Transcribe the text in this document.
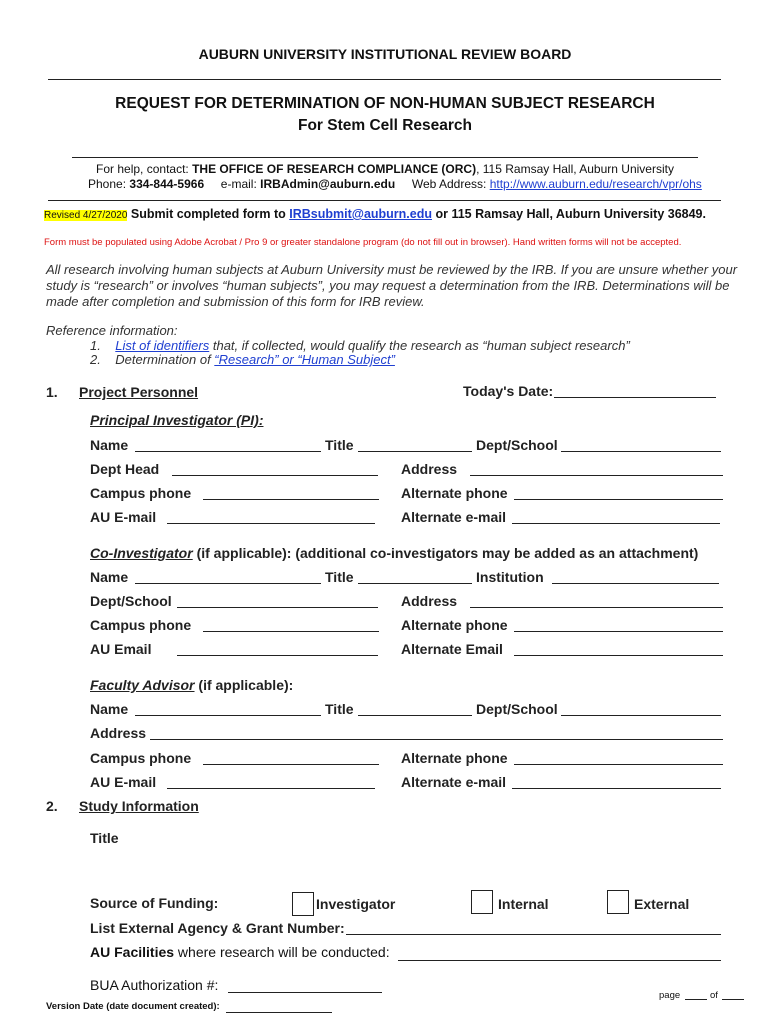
AUBURN UNIVERSITY INSTITUTIONAL REVIEW BOARD
REQUEST FOR DETERMINATION OF NON-HUMAN SUBJECT RESEARCH
For Stem Cell Research
For help, contact: THE OFFICE OF RESEARCH COMPLIANCE (ORC), 115 Ramsay Hall, Auburn University
Phone: 334-844-5966 e-mail: IRBAdmin@auburn.edu Web Address: http://www.auburn.edu/research/vpr/ohs
Revised 4/27/2020 Submit completed form to IRBsubmit@auburn.edu or 115 Ramsay Hall, Auburn University 36849.
Form must be populated using Adobe Acrobat / Pro 9 or greater standalone program (do not fill out in browser). Hand written forms will not be accepted.
All research involving human subjects at Auburn University must be reviewed by the IRB. If you are unsure whether your
study is “research” or involves “human subjects”, you may request a determination from the IRB. Determinations will be
made after completion and submission of this form for IRB review.
Reference information:
1. List of identifiers that, if collected, would qualify the research as “human subject research”
2. Determination of “Research” or “Human Subject”
1. Project Personnel	Today's Date:
Principal Investigator (PI):
Name	Title	Dept/School
Dept Head	Address
Campus phone	Alternate phone
AU E-mail	Alternate e-mail
Co-Investigator (if applicable): (additional co-investigators may be added as an attachment)
Name	Title	Institution
Dept/School	Address
Campus phone	Alternate phone
AU Email	Alternate Email
Faculty Advisor (if applicable):
Name	Title	Dept/School
Address
Campus phone	Alternate phone
AU E-mail	Alternate e-mail
2. Study Information
Title
Source of Funding:	Investigator	Internal	External
List External Agency & Grant Number:
AU Facilities where research will be conducted:
BUA Authorization #:
Version Date (date document created):
page	of
